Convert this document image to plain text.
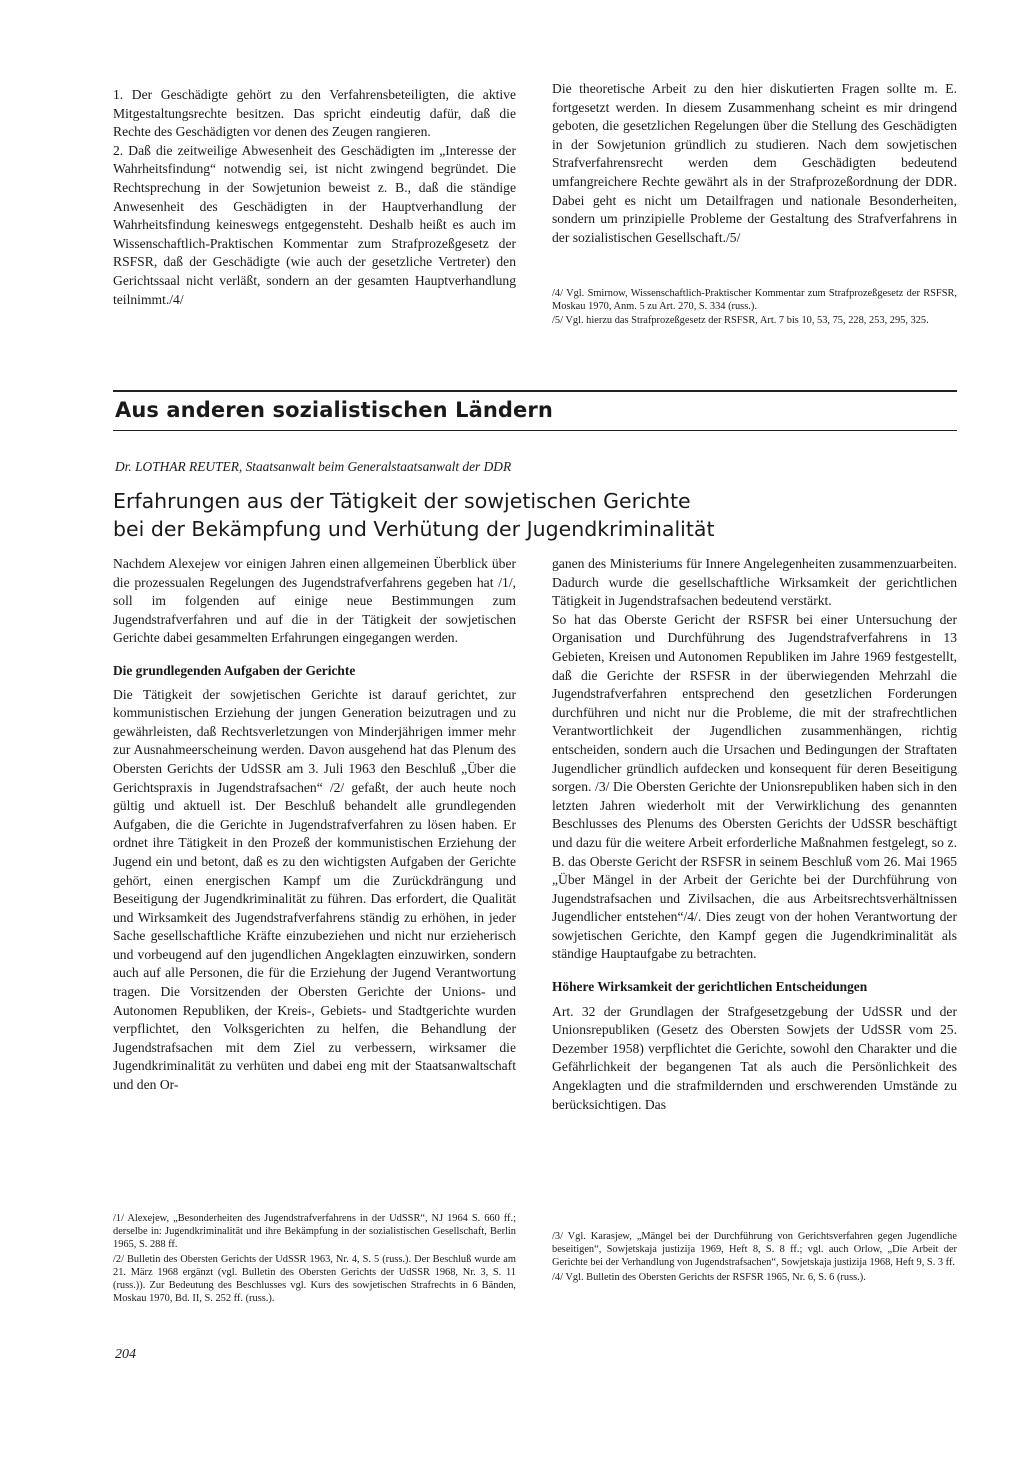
1. Der Geschädigte gehört zu den Verfahrensbeteiligten, die aktive Mitgestaltungsrechte besitzen. Das spricht eindeutig dafür, daß die Rechte des Geschädigten vor denen des Zeugen rangieren.

2. Daß die zeitweilige Abwesenheit des Geschädigten im „Interesse der Wahrheitsfindung“ notwendig sei, ist nicht zwingend begründet. Die Rechtsprechung in der Sowjetunion beweist z. B., daß die ständige Anwesenheit des Geschädigten in der Hauptverhandlung der Wahrheitsfindung keineswegs entgegensteht. Deshalb heißt es auch im Wissenschaftlich-Praktischen Kommentar zum Strafprozeßgesetz der RSFSR, daß der Geschädigte (wie auch der gesetzliche Vertreter) den Gerichtssaal nicht verläßt, sondern an der gesamten Hauptverhandlung teilnimmt./4/

Die theoretische Arbeit zu den hier diskutierten Fragen sollte m. E. fortgesetzt werden. In diesem Zusammenhang scheint es mir dringend geboten, die gesetzlichen Regelungen über die Stellung des Geschädigten in der Sowjetunion gründlich zu studieren. Nach dem sowjetischen Strafverfahrensrecht werden dem Geschädigten bedeutend umfangreichere Rechte gewährt als in der Strafprozeßordnung der DDR. Dabei geht es nicht um Detailfragen und nationale Besonderheiten, sondern um prinzipielle Probleme der Gestaltung des Strafverfahrens in der sozialistischen Gesellschaft./5/

/4/ Vgl. Smirnow, Wissenschaftlich-Praktischer Kommentar zum Strafprozeßgesetz der RSFSR, Moskau 1970, Anm. 5 zu Art. 270, S. 334 (russ.).

/5/ Vgl. hierzu das Strafprozeßgesetz der RSFSR, Art. 7 bis 10, 53, 75, 228, 253, 295, 325.

Aus anderen sozialistischen Ländern
Dr. LOTHAR REUTER, Staatsanwalt beim Generalstaatsanwalt der DDR
Erfahrungen aus der Tätigkeit der sowjetischen Gerichte
bei der Bekämpfung und Verhütung der Jugendkriminalität

Nachdem Alexejew vor einigen Jahren einen allgemeinen Überblick über die prozessualen Regelungen des Jugendstrafverfahrens gegeben hat /1/, soll im folgenden auf einige neue Bestimmungen zum Jugendstrafverfahren und auf die in der Tätigkeit der sowjetischen Gerichte dabei gesammelten Erfahrungen eingegangen werden.

Die grundlegenden Aufgaben der Gerichte

Die Tätigkeit der sowjetischen Gerichte ist darauf gerichtet, zur kommunistischen Erziehung der jungen Generation beizutragen und zu gewährleisten, daß Rechtsverletzungen von Minderjährigen immer mehr zur Ausnahmeerscheinung werden. Davon ausgehend hat das Plenum des Obersten Gerichts der UdSSR am 3. Juli 1963 den Beschluß „Über die Gerichtspraxis in Jugendstrafsachen“ /2/ gefaßt, der auch heute noch gültig und aktuell ist. Der Beschluß behandelt alle grundlegenden Aufgaben, die die Gerichte in Jugendstrafverfahren zu lösen haben. Er ordnet ihre Tätigkeit in den Prozeß der kommunistischen Erziehung der Jugend ein und betont, daß es zu den wichtigsten Aufgaben der Gerichte gehört, einen energischen Kampf um die Zurückdrängung und Beseitigung der Jugendkriminalität zu führen. Das erfordert, die Qualität und Wirksamkeit des Jugendstrafverfahrens ständig zu erhöhen, in jeder Sache gesellschaftliche Kräfte einzubeziehen und nicht nur erzieherisch und vorbeugend auf den jugendlichen Angeklagten einzuwirken, sondern auch auf alle Personen, die für die Erziehung der Jugend Verantwortung tragen. Die Vorsitzenden der Obersten Gerichte der Unions- und Autonomen Republiken, der Kreis-, Gebiets- und Stadtgerichte wurden verpflichtet, den Volksgerichten zu helfen, die Behandlung der Jugendstrafsachen mit dem Ziel zu verbessern, wirksamer die Jugendkriminalität zu verhüten und dabei eng mit der Staatsanwaltschaft und den Or-

ganen des Ministeriums für Innere Angelegenheiten zusammenzuarbeiten. Dadurch wurde die gesellschaftliche Wirksamkeit der gerichtlichen Tätigkeit in Jugendstrafsachen bedeutend verstärkt.

So hat das Oberste Gericht der RSFSR bei einer Untersuchung der Organisation und Durchführung des Jugendstrafverfahrens in 13 Gebieten, Kreisen und Autonomen Republiken im Jahre 1969 festgestellt, daß die Gerichte der RSFSR in der überwiegenden Mehrzahl die Jugendstrafverfahren entsprechend den gesetzlichen Forderungen durchführen und nicht nur die Probleme, die mit der strafrechtlichen Verantwortlichkeit der Jugendlichen zusammenhängen, richtig entscheiden, sondern auch die Ursachen und Bedingungen der Straftaten Jugendlicher gründlich aufdecken und konsequent für deren Beseitigung sorgen. /3/ Die Obersten Gerichte der Unionsrepubliken haben sich in den letzten Jahren wiederholt mit der Verwirklichung des genannten Beschlusses des Plenums des Obersten Gerichts der UdSSR beschäftigt und dazu für die weitere Arbeit erforderliche Maßnahmen festgelegt, so z. B. das Oberste Gericht der RSFSR in seinem Beschluß vom 26. Mai 1965 „Über Mängel in der Arbeit der Gerichte bei der Durchführung von Jugendstrafsachen und Zivilsachen, die aus Arbeitsrechtsverhältnissen Jugendlicher entstehen“/4/. Dies zeugt von der hohen Verantwortung der sowjetischen Gerichte, den Kampf gegen die Jugendkriminalität als ständige Hauptaufgabe zu betrachten.

Höhere Wirksamkeit der gerichtlichen Entscheidungen

Art. 32 der Grundlagen der Strafgesetzgebung der UdSSR und der Unionsrepubliken (Gesetz des Obersten Sowjets der UdSSR vom 25. Dezember 1958) verpflichtet die Gerichte, sowohl den Charakter und die Gefährlichkeit der begangenen Tat als auch die Persönlichkeit des Angeklagten und die strafmildernden und erschwerenden Umstände zu berücksichtigen. Das

/1/ Alexejew, „Besonderheiten des Jugendstrafverfahrens in der UdSSR“, NJ 1964 S. 660 ff.; derselbe in: Jugendkriminalität und ihre Bekämpfung in der sozialistischen Gesellschaft, Berlin 1965, S. 288 ff.

/2/ Bulletin des Obersten Gerichts der UdSSR 1963, Nr. 4, S. 5 (russ.). Der Beschluß wurde am 21. März 1968 ergänzt (vgl. Bulletin des Obersten Gerichts der UdSSR 1968, Nr. 3, S. 11 (russ.)). Zur Bedeutung des Beschlusses vgl. Kurs des sowjetischen Strafrechts in 6 Bänden, Moskau 1970, Bd. II, S. 252 ff. (russ.).

/3/ Vgl. Karasjew, „Mängel bei der Durchführung von Gerichtsverfahren gegen Jugendliche beseitigen“, Sowjetskaja justizija 1969, Heft 8, S. 8 ff.; vgl. auch Orlow, „Die Arbeit der Gerichte bei der Verhandlung von Jugendstrafsachen“, Sowjetskaja justizija 1968, Heft 9, S. 3 ff.

/4/ Vgl. Bulletin des Obersten Gerichts der RSFSR 1965, Nr. 6, S. 6 (russ.).

204
